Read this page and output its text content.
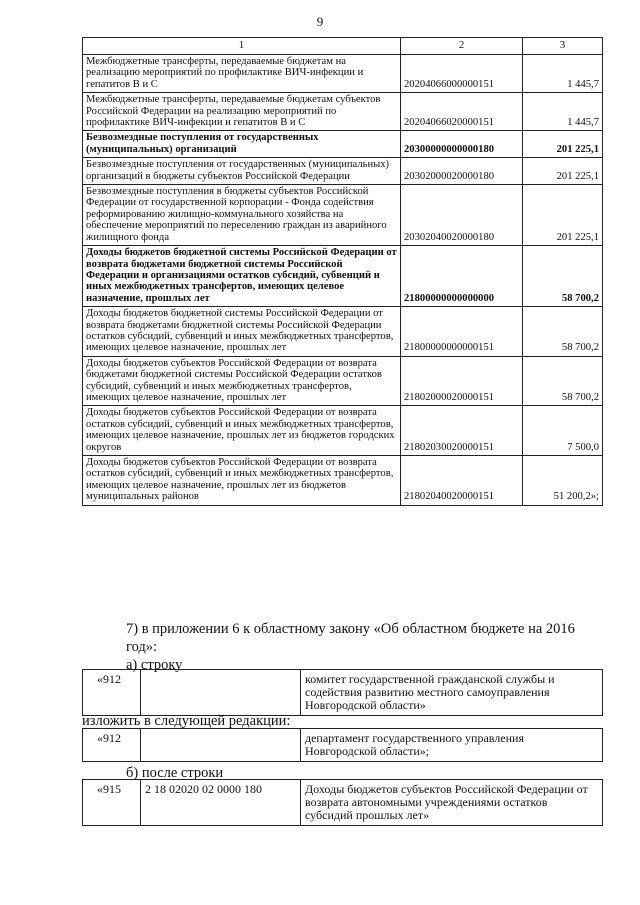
9
1	2	3
Межбюджетные трансферты, передаваемые бюджетам на реализацию мероприятий по профилактике ВИЧ-инфекции и гепатитов В и С	20204066000000151	1 445,7
Межбюджетные трансферты, передаваемые бюджетам субъектов Российской Федерации на реализацию мероприятий по профилактике ВИЧ-инфекции и гепатитов В и С	20204066020000151	1 445,7
Безвозмездные поступления от государственных (муниципальных) организаций	20300000000000180	201 225,1
Безвозмездные поступления от государственных (муниципальных) организаций в бюджеты субъектов Российской Федерации	20302000020000180	201 225,1
Безвозмездные поступления в бюджеты субъектов Российской Федерации от государственной корпорации - Фонда содействия реформированию жилищно-коммунального хозяйства на обеспечение мероприятий по переселению граждан из аварийного жилищного фонда	20302040020000180	201 225,1
Доходы бюджетов бюджетной системы Российской Федерации от возврата бюджетами бюджетной системы Российской Федерации и организациями остатков субсидий, субвенций и иных межбюджетных трансфертов, имеющих целевое назначение, прошлых лет	21800000000000000	58 700,2
Доходы бюджетов бюджетной системы Российской Федерации от возврата бюджетами бюджетной системы Российской Федерации остатков субсидий, субвенций и иных межбюджетных трансфертов, имеющих целевое назначение, прошлых лет	21800000000000151	58 700,2
Доходы бюджетов субъектов Российской Федерации от возврата бюджетами бюджетной системы Российской Федерации остатков субсидий, субвенций и иных межбюджетных трансфертов, имеющих целевое назначение, прошлых лет	21802000020000151	58 700,2
Доходы бюджетов субъектов Российской Федерации от возврата остатков субсидий, субвенций и иных межбюджетных трансфертов, имеющих целевое назначение, прошлых лет из бюджетов городских округов	21802030020000151	7 500,0
Доходы бюджетов субъектов Российской Федерации от возврата остатков субсидий, субвенций и иных межбюджетных трансфертов, имеющих целевое назначение, прошлых лет из бюджетов муниципальных районов	21802040020000151	51 200,2»;
7) в приложении 6 к областному закону «Об областном бюджете на 2016 год»:
а) строку
«912		комитет государственной гражданской службы и содействия развитию местного самоуправления Новгородской области»
изложить в следующей редакции:
«912		департамент государственного управления Новгородской области»;
б) после строки
«915	2 18 02020 02 0000 180	Доходы бюджетов субъектов Российской Федерации от возврата автономными учреждениями остатков субсидий прошлых лет»
